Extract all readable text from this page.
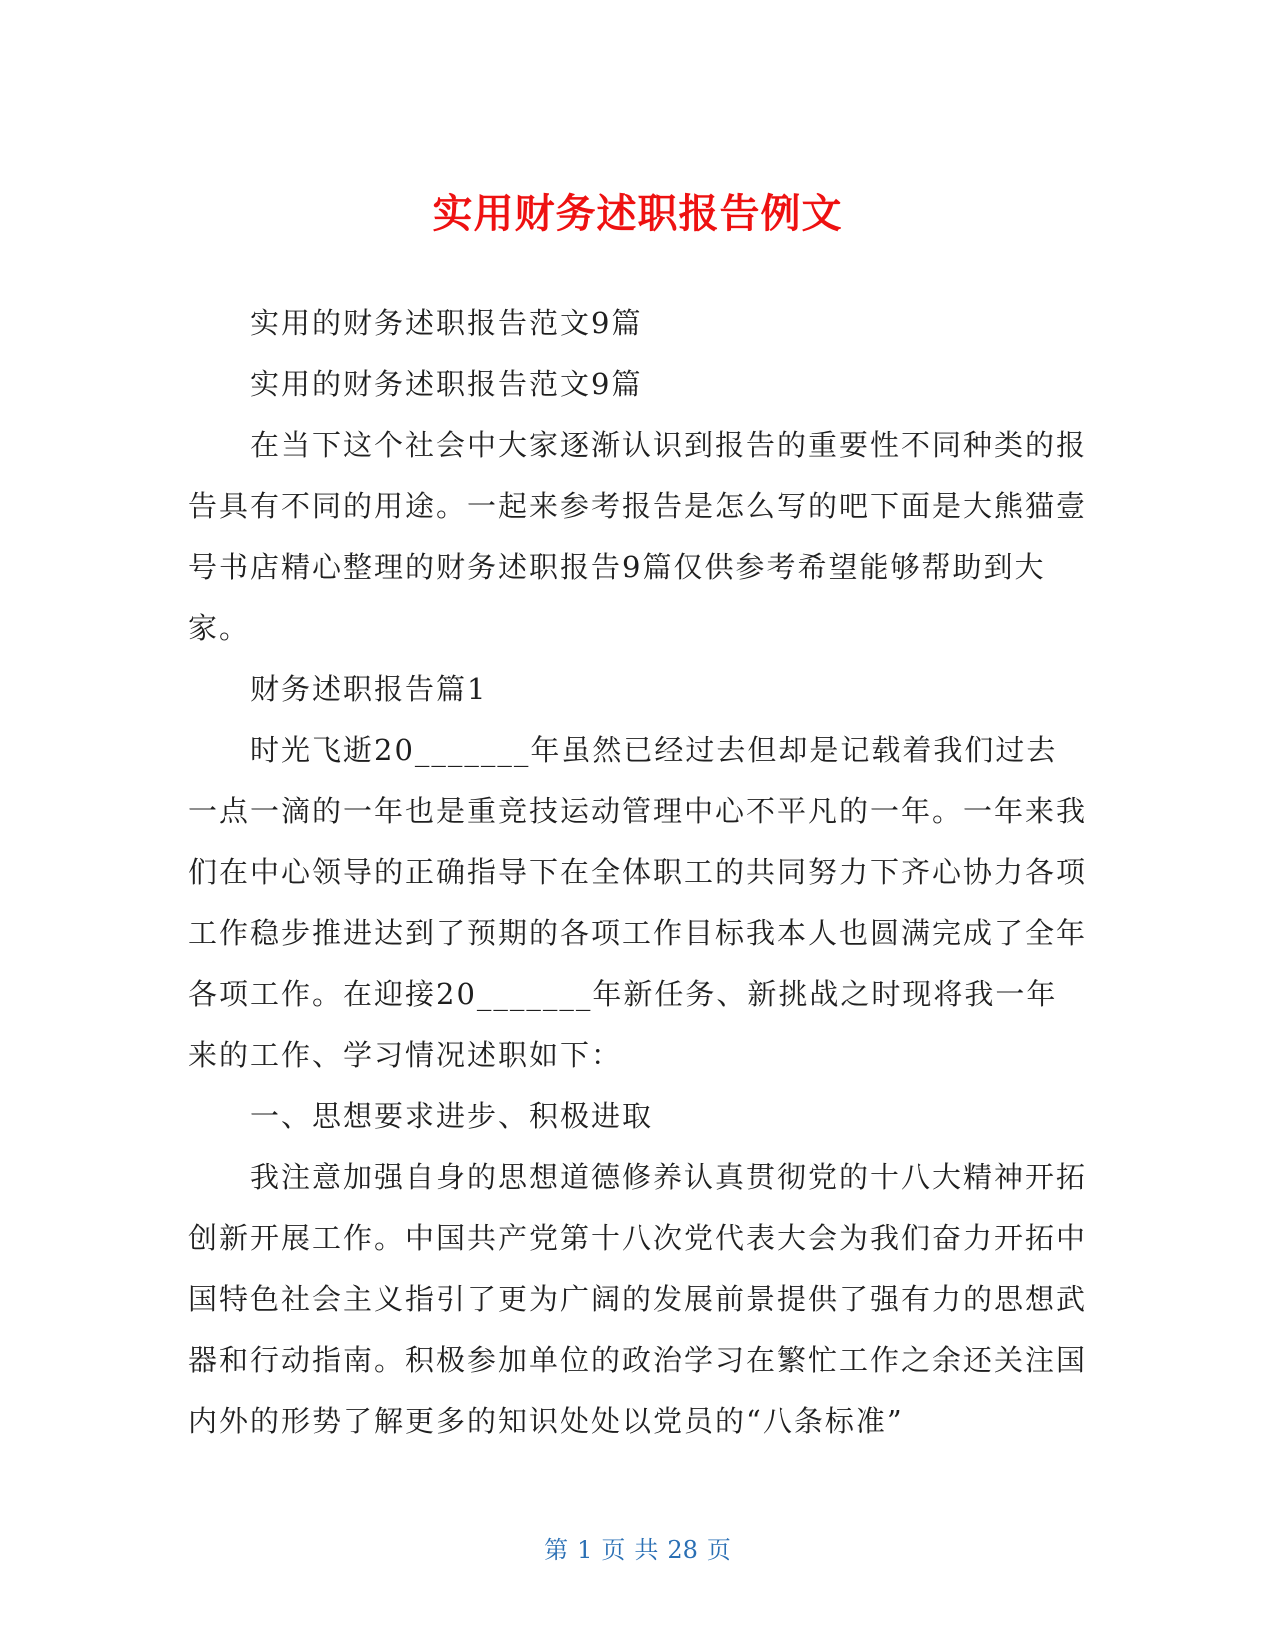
实用财务述职报告例文

实用的财务述职报告范文9篇

实用的财务述职报告范文9篇

在当下这个社会中大家逐渐认识到报告的重要性不同种类的报告具有不同的用途。一起来参考报告是怎么写的吧下面是大熊猫壹号书店精心整理的财务述职报告9篇仅供参考希望能够帮助到大家。

财务述职报告篇1

时光飞逝20_______年虽然已经过去但却是记载着我们过去一点一滴的一年也是重竞技运动管理中心不平凡的一年。一年来我们在中心领导的正确指导下在全体职工的共同努力下齐心协力各项工作稳步推进达到了预期的各项工作目标我本人也圆满完成了全年各项工作。在迎接20_______年新任务、新挑战之时现将我一年来的工作、学习情况述职如下：

一、思想要求进步、积极进取

我注意加强自身的思想道德修养认真贯彻党的十八大精神开拓创新开展工作。中国共产党第十八次党代表大会为我们奋力开拓中国特色社会主义指引了更为广阔的发展前景提供了强有力的思想武器和行动指南。积极参加单位的政治学习在繁忙工作之余还关注国内外的形势了解更多的知识处处以党员的“八条标准”

第 1 页 共 28 页
